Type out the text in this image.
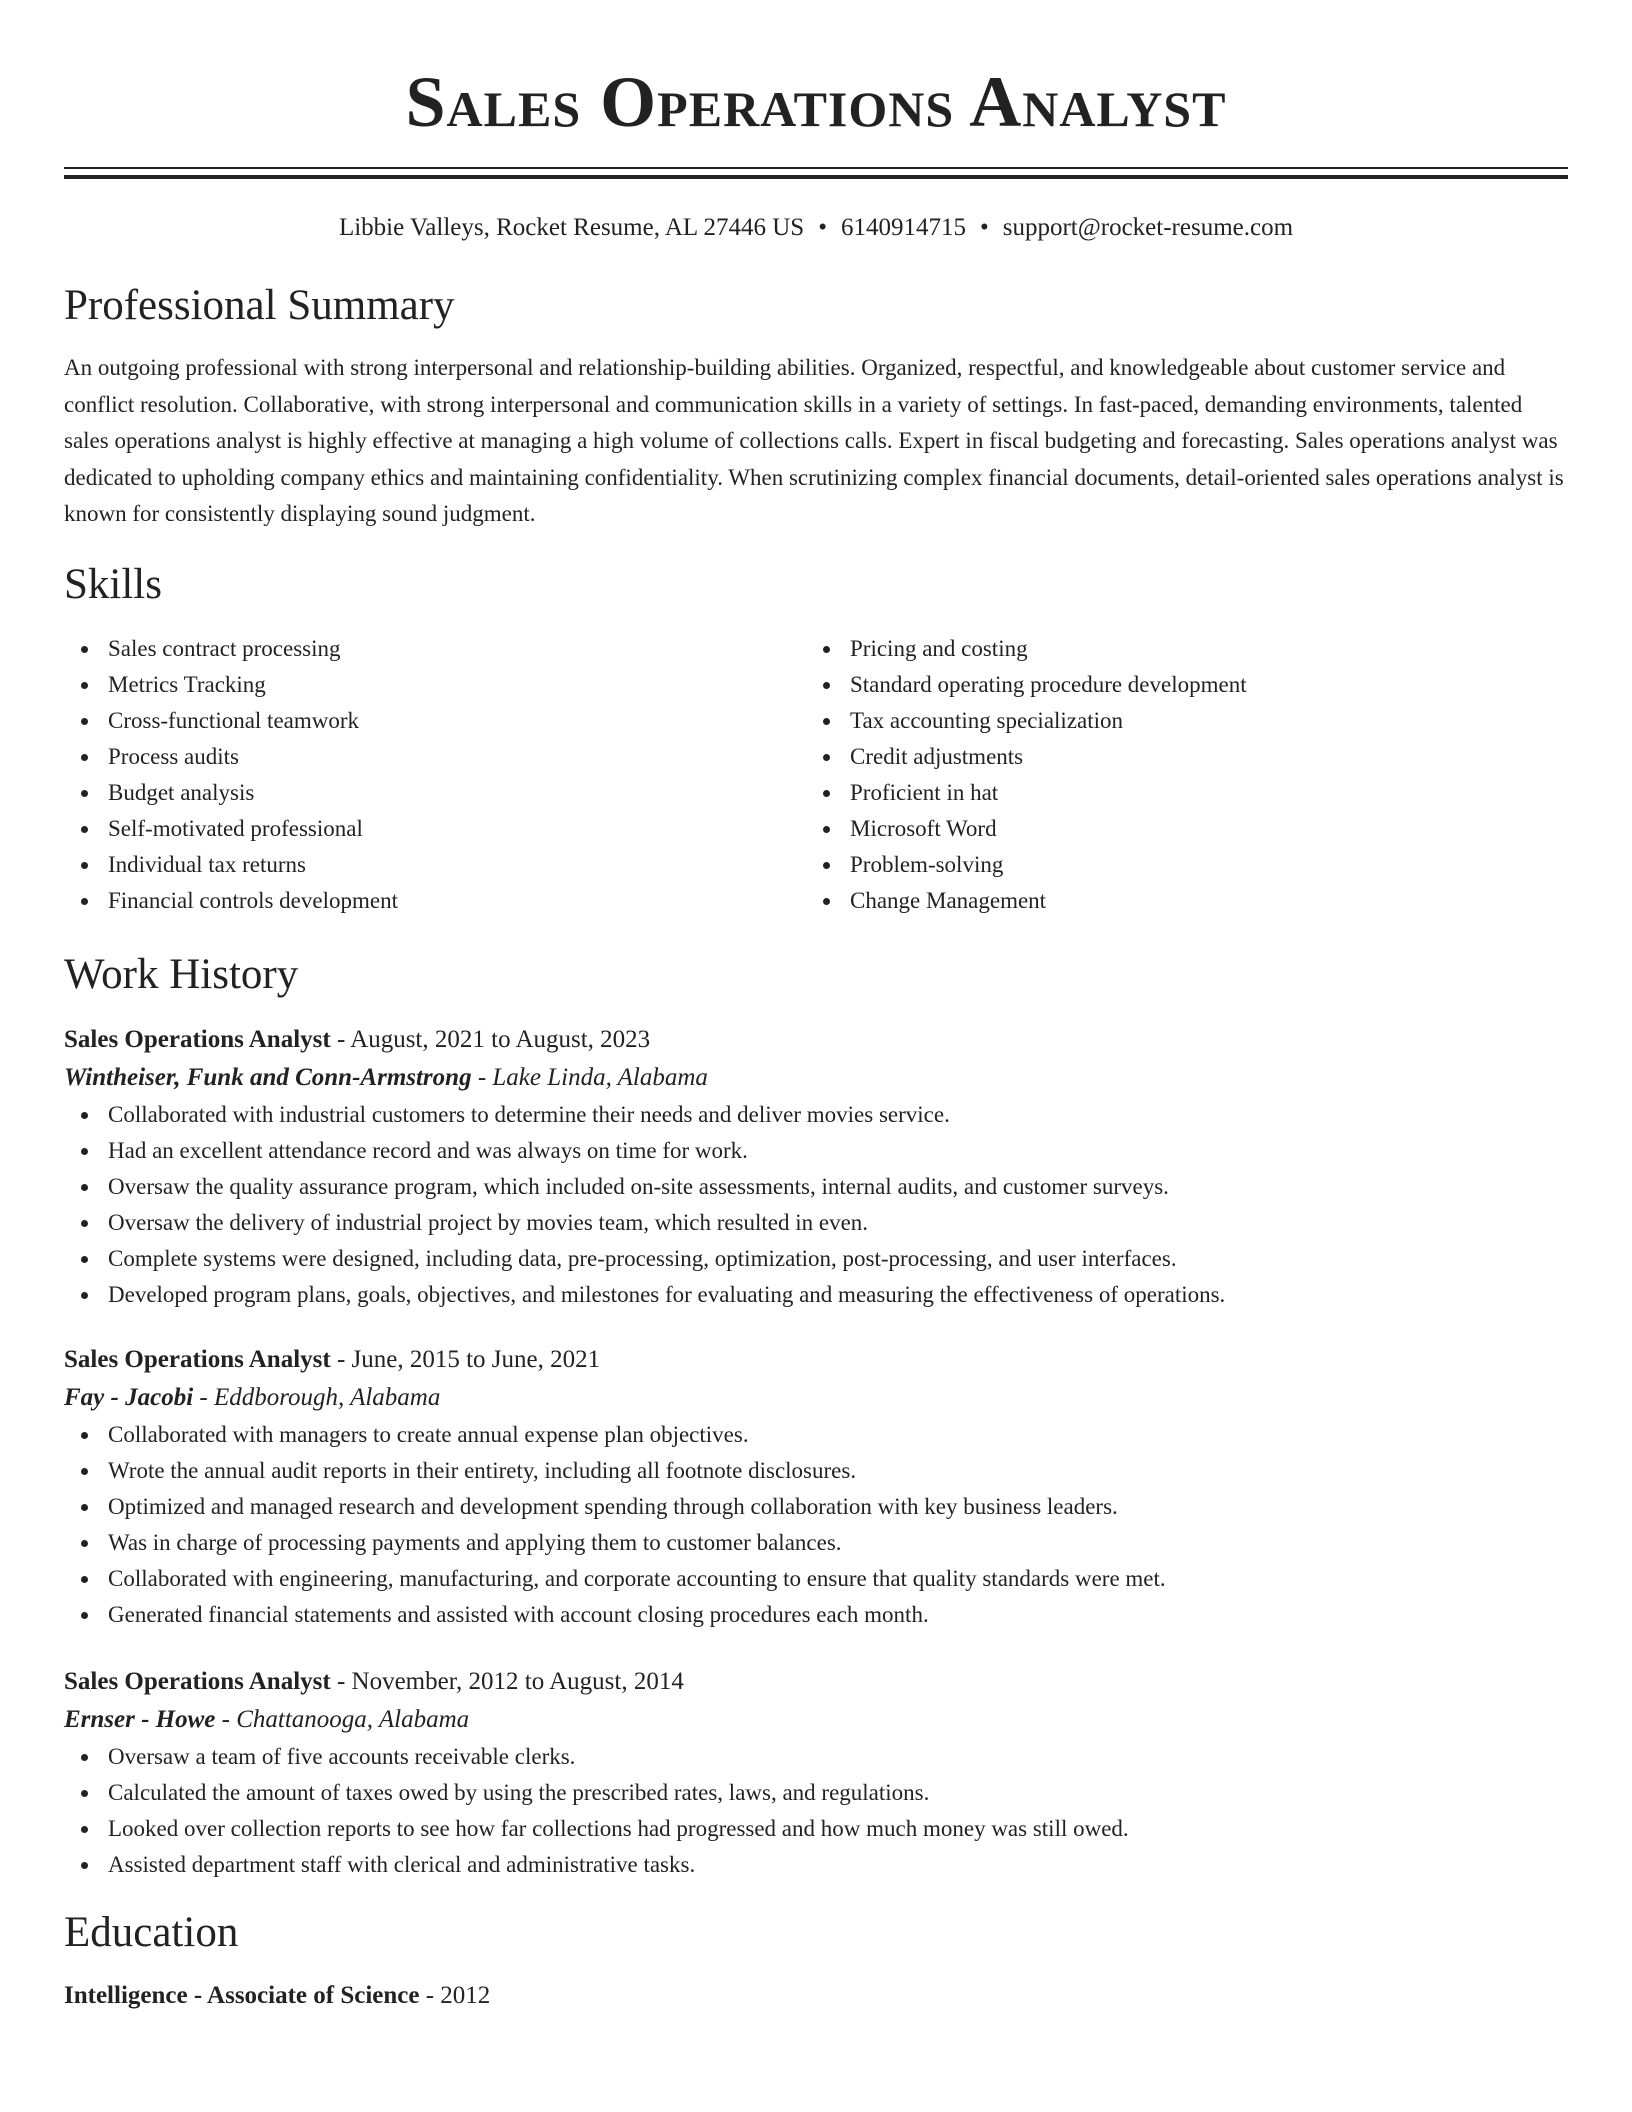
Sales Operations Analyst
Libbie Valleys, Rocket Resume, AL 27446 US • 6140914715 • support@rocket-resume.com
Professional Summary

An outgoing professional with strong interpersonal and relationship-building abilities. Organized, respectful, and knowledgeable about customer service and conflict resolution. Collaborative, with strong interpersonal and communication skills in a variety of settings. In fast-paced, demanding environments, talented sales operations analyst is highly effective at managing a high volume of collections calls. Expert in fiscal budgeting and forecasting. Sales operations analyst was dedicated to upholding company ethics and maintaining confidentiality. When scrutinizing complex financial documents, detail-oriented sales operations analyst is known for consistently displaying sound judgment.

Skills
Sales contract processing
Metrics Tracking
Cross-functional teamwork
Process audits
Budget analysis
Self-motivated professional
Individual tax returns
Financial controls development
Pricing and costing
Standard operating procedure development
Tax accounting specialization
Credit adjustments
Proficient in hat
Microsoft Word
Problem-solving
Change Management
Work History
Sales Operations Analyst - August, 2021 to August, 2023
Wintheiser, Funk and Conn-Armstrong - Lake Linda, Alabama
Collaborated with industrial customers to determine their needs and deliver movies service.
Had an excellent attendance record and was always on time for work.
Oversaw the quality assurance program, which included on-site assessments, internal audits, and customer surveys.
Oversaw the delivery of industrial project by movies team, which resulted in even.
Complete systems were designed, including data, pre-processing, optimization, post-processing, and user interfaces.
Developed program plans, goals, objectives, and milestones for evaluating and measuring the effectiveness of operations.
Sales Operations Analyst - June, 2015 to June, 2021
Fay - Jacobi - Eddborough, Alabama
Collaborated with managers to create annual expense plan objectives.
Wrote the annual audit reports in their entirety, including all footnote disclosures.
Optimized and managed research and development spending through collaboration with key business leaders.
Was in charge of processing payments and applying them to customer balances.
Collaborated with engineering, manufacturing, and corporate accounting to ensure that quality standards were met.
Generated financial statements and assisted with account closing procedures each month.
Sales Operations Analyst - November, 2012 to August, 2014
Ernser - Howe - Chattanooga, Alabama
Oversaw a team of five accounts receivable clerks.
Calculated the amount of taxes owed by using the prescribed rates, laws, and regulations.
Looked over collection reports to see how far collections had progressed and how much money was still owed.
Assisted department staff with clerical and administrative tasks.
Education
Intelligence - Associate of Science - 2012
